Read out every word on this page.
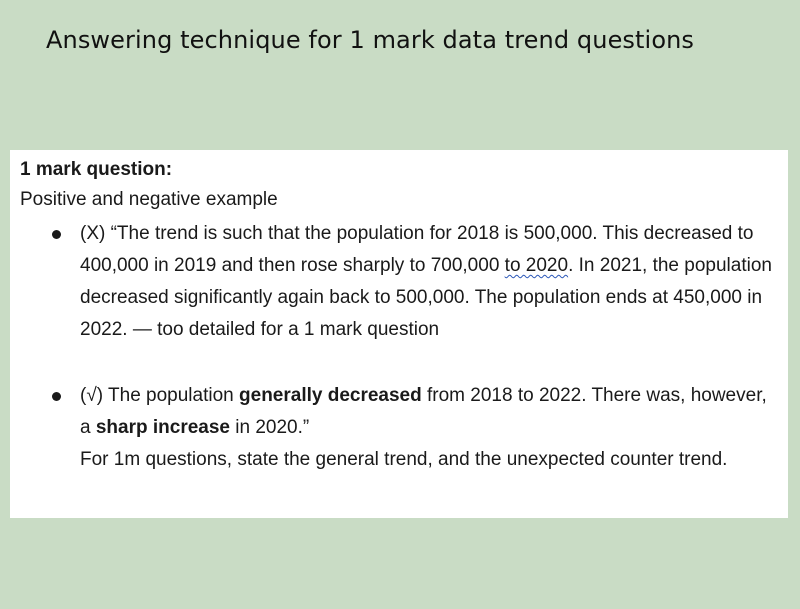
Answering technique for 1 mark data trend questions
1 mark question:
Positive and negative example
(X) “The trend is such that the population for 2018 is 500,000. This decreased to 400,000 in 2019 and then rose sharply to 700,000 to 2020. In 2021, the population decreased significantly again back to 500,000. The population ends at 450,000 in 2022. — too detailed for a 1 mark question
(√) The population generally decreased from 2018 to 2022. There was, however, a sharp increase in 2020.”
For 1m questions, state the general trend, and the unexpected counter trend.
